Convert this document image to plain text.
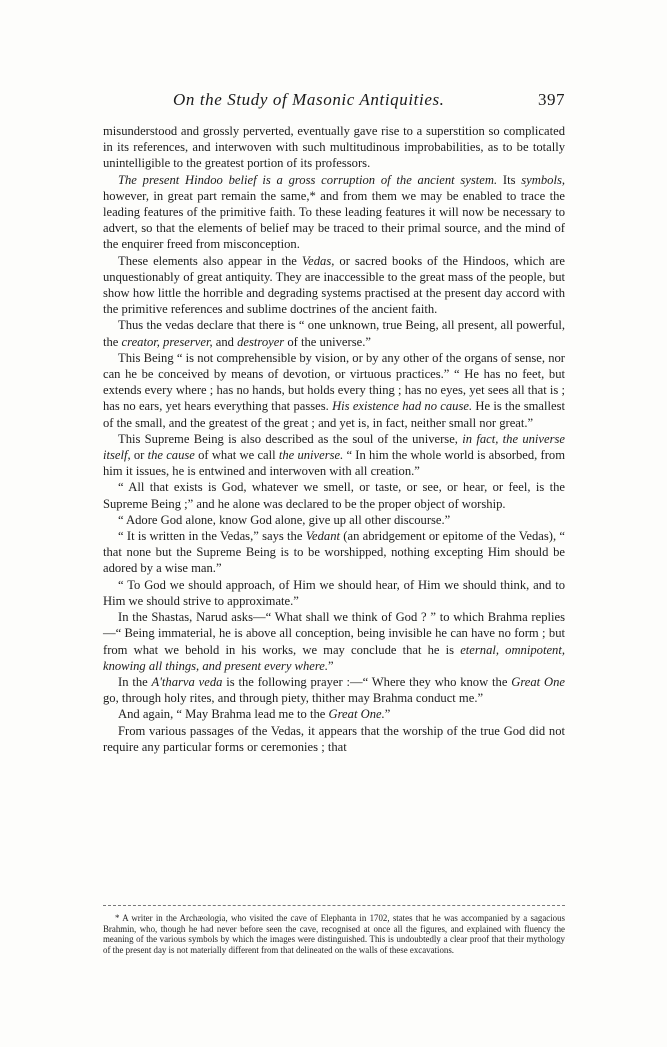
On the Study of Masonic Antiquities.	397

misunderstood and grossly perverted, eventually gave rise to a superstition so complicated in its references, and interwoven with such multitudinous improbabilities, as to be totally unintelligible to the greatest portion of its professors.

The present Hindoo belief is a gross corruption of the ancient system. Its symbols, however, in great part remain the same,* and from them we may be enabled to trace the leading features of the primitive faith. To these leading features it will now be necessary to advert, so that the elements of belief may be traced to their primal source, and the mind of the enquirer freed from misconception.

These elements also appear in the Vedas, or sacred books of the Hindoos, which are unquestionably of great antiquity. They are inaccessible to the great mass of the people, but show how little the horrible and degrading systems practised at the present day accord with the primitive references and sublime doctrines of the ancient faith.

Thus the vedas declare that there is “ one unknown, true Being, all present, all powerful, the creator, preserver, and destroyer of the universe.”

This Being “ is not comprehensible by vision, or by any other of the organs of sense, nor can he be conceived by means of devotion, or virtuous practices.” “ He has no feet, but extends every where ; has no hands, but holds every thing ; has no eyes, yet sees all that is ; has no ears, yet hears everything that passes. His existence had no cause. He is the smallest of the small, and the greatest of the great ; and yet is, in fact, neither small nor great.”

This Supreme Being is also described as the soul of the universe, in fact, the universe itself, or the cause of what we call the universe. “ In him the whole world is absorbed, from him it issues, he is entwined and interwoven with all creation.”

“ All that exists is God, whatever we smell, or taste, or see, or hear, or feel, is the Supreme Being ;” and he alone was declared to be the proper object of worship.

“ Adore God alone, know God alone, give up all other discourse.”

“ It is written in the Vedas,” says the Vedant (an abridgement or epitome of the Vedas), “ that none but the Supreme Being is to be worshipped, nothing excepting Him should be adored by a wise man.”

“ To God we should approach, of Him we should hear, of Him we should think, and to Him we should strive to approximate.”

In the Shastas, Narud asks—“ What shall we think of God ? ” to which Brahma replies—“ Being immaterial, he is above all conception, being invisible he can have no form ; but from what we behold in his works, we may conclude that he is eternal, omnipotent, knowing all things, and present every where.”

In the A'tharva veda is the following prayer :—“ Where they who know the Great One go, through holy rites, and through piety, thither may Brahma conduct me.”

And again, “ May Brahma lead me to the Great One.”

From various passages of the Vedas, it appears that the worship of the true God did not require any particular forms or ceremonies ; that

* A writer in the Archæologia, who visited the cave of Elephanta in 1702, states that he was accompanied by a sagacious Brahmin, who, though he had never before seen the cave, recognised at once all the figures, and explained with fluency the meaning of the various symbols by which the images were distinguished. This is undoubtedly a clear proof that their mythology of the present day is not materially different from that delineated on the walls of these excavations.
